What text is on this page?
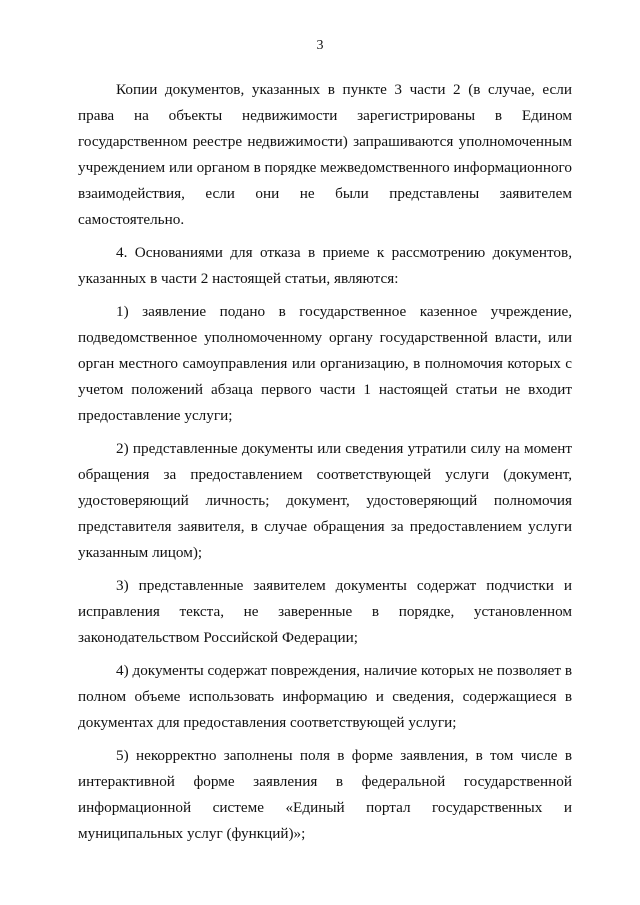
3

Копии документов, указанных в пункте 3 части 2 (в случае, если права на объекты недвижимости зарегистрированы в Едином государственном реестре недвижимости) запрашиваются уполномоченным учреждением или органом в порядке межведомственного информационного взаимодействия, если они не были представлены заявителем самостоятельно.

4. Основаниями для отказа в приеме к рассмотрению документов, указанных в части 2 настоящей статьи, являются:

1) заявление подано в государственное казенное учреждение, подведомственное уполномоченному органу государственной власти, или орган местного самоуправления или организацию, в полномочия которых с учетом положений абзаца первого части 1 настоящей статьи не входит предоставление услуги;

2) представленные документы или сведения утратили силу на момент обращения за предоставлением соответствующей услуги (документ, удостоверяющий личность; документ, удостоверяющий полномочия представителя заявителя, в случае обращения за предоставлением услуги указанным лицом);

3) представленные заявителем документы содержат подчистки и исправления текста, не заверенные в порядке, установленном законодательством Российской Федерации;

4) документы содержат повреждения, наличие которых не позволяет в полном объеме использовать информацию и сведения, содержащиеся в документах для предоставления соответствующей услуги;

5) некорректно заполнены поля в форме заявления, в том числе в интерактивной форме заявления в федеральной государственной информационной системе «Единый портал государственных и муниципальных услуг (функций)»;
